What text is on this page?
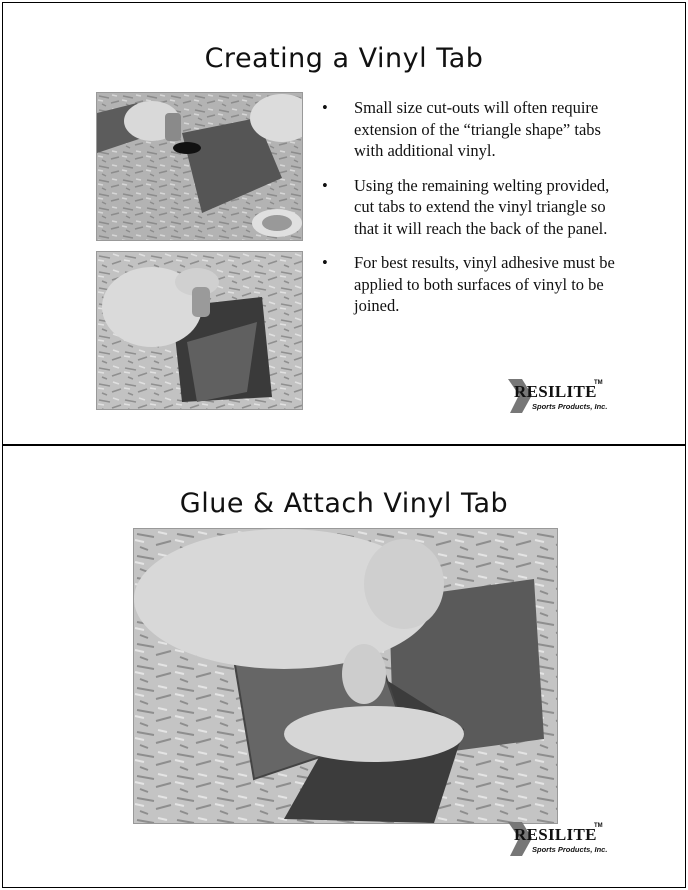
Creating a Vinyl Tab
• Small size cut-outs will often require extension of the “triangle shape” tabs with additional vinyl.
• Using the remaining welting provided, cut tabs to extend the vinyl triangle so that it will reach the back of the panel.
• For best results, vinyl adhesive must be applied to both surfaces of vinyl to be joined.
RESILITE
TM
Sports Products, Inc.
Glue & Attach Vinyl Tab
RESILITE
TM
Sports Products, Inc.
